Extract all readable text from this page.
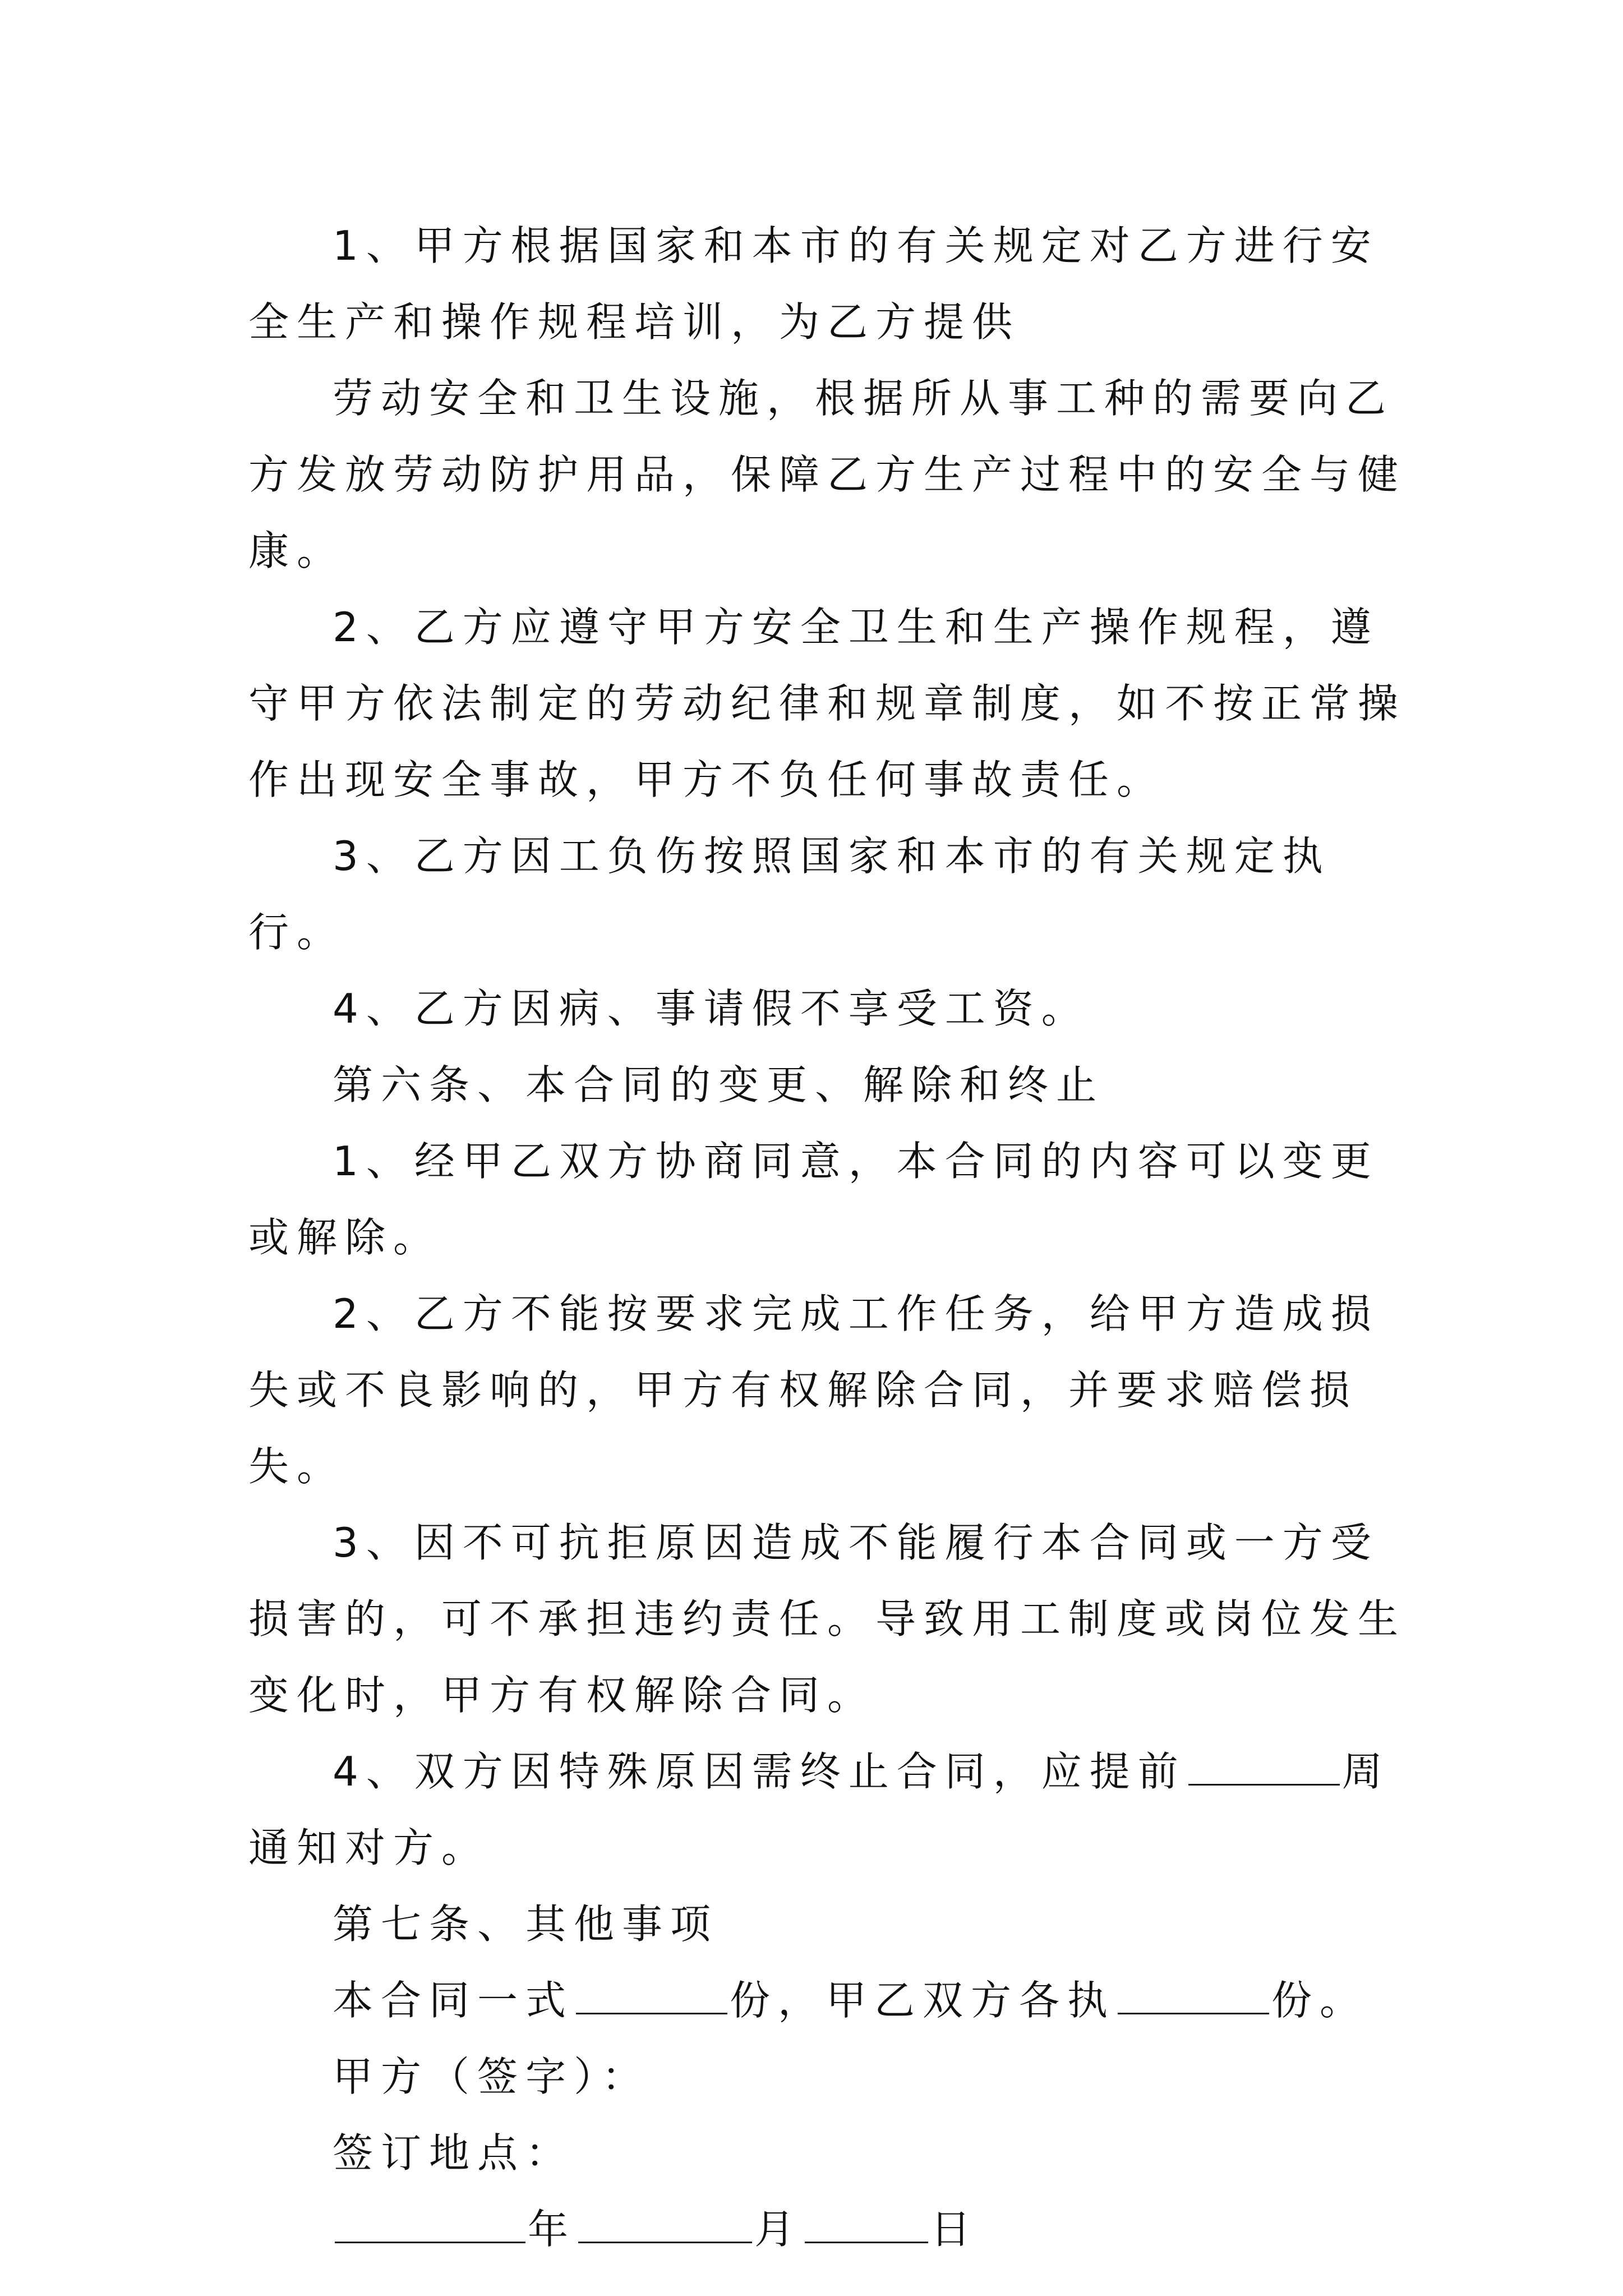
1、甲方根据国家和本市的有关规定对乙方进行安全生产和操作规程培训，为乙方提供

劳动安全和卫生设施，根据所从事工种的需要向乙方发放劳动防护用品，保障乙方生产过程中的安全与健康。

2、乙方应遵守甲方安全卫生和生产操作规程，遵守甲方依法制定的劳动纪律和规章制度，如不按正常操作出现安全事故，甲方不负任何事故责任。

3、乙方因工负伤按照国家和本市的有关规定执行。

4、乙方因病、事请假不享受工资。

第六条、本合同的变更、解除和终止

1、经甲乙双方协商同意，本合同的内容可以变更或解除。

2、乙方不能按要求完成工作任务，给甲方造成损失或不良影响的，甲方有权解除合同，并要求赔偿损失。

3、因不可抗拒原因造成不能履行本合同或一方受损害的，可不承担违约责任。导致用工制度或岗位发生变化时，甲方有权解除合同。

4、双方因特殊原因需终止合同，应提前	周通知对方。

第七条、其他事项

本合同一式	份，甲乙双方各执	份。

甲方（签字）：

签订地点：

年	月	日
